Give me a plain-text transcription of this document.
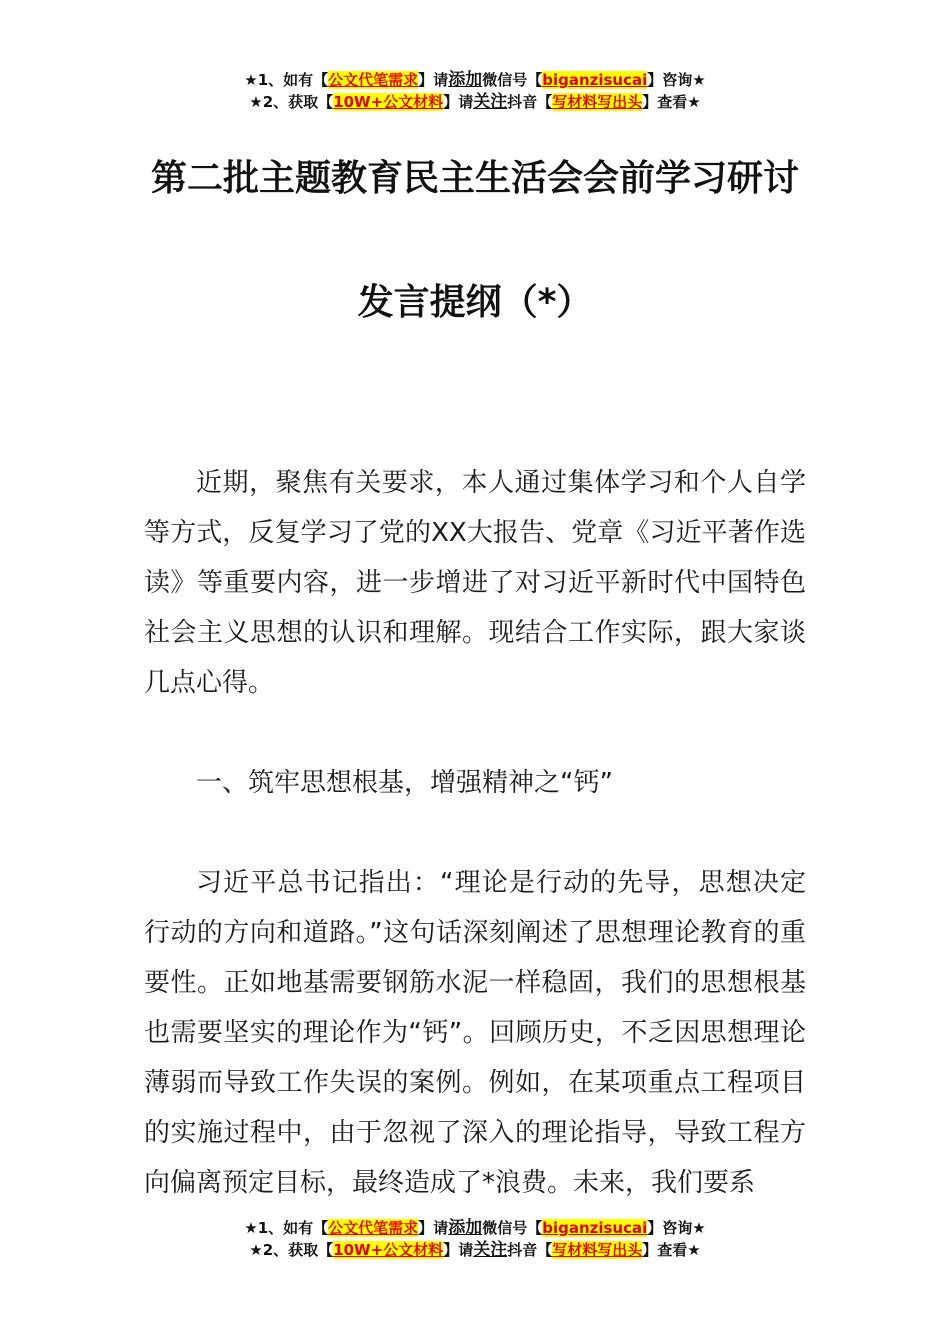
★1、如有【公文代笔需求】请添加微信号【biganzisucai】咨询★
★2、获取【10W+公文材料】请关注抖音【写材料写出头】查看★
第二批主题教育民主生活会会前学习研讨
发言提纲（*）

近期，聚焦有关要求，本人通过集体学习和个人自学等方式，反复学习了党的XX大报告、党章《习近平著作选读》等重要内容，进一步增进了对习近平新时代中国特色社会主义思想的认识和理解。现结合工作实际，跟大家谈几点心得。

一、筑牢思想根基，增强精神之“钙”

习近平总书记指出：“理论是行动的先导，思想决定行动的方向和道路。”这句话深刻阐述了思想理论教育的重要性。正如地基需要钢筋水泥一样稳固，我们的思想根基也需要坚实的理论作为“钙”。回顾历史，不乏因思想理论薄弱而导致工作失误的案例。例如，在某项重点工程项目的实施过程中，由于忽视了深入的理论指导，导致工程方向偏离预定目标，最终造成了*浪费。未来，我们要系

★1、如有【公文代笔需求】请添加微信号【biganzisucai】咨询★
★2、获取【10W+公文材料】请关注抖音【写材料写出头】查看★
